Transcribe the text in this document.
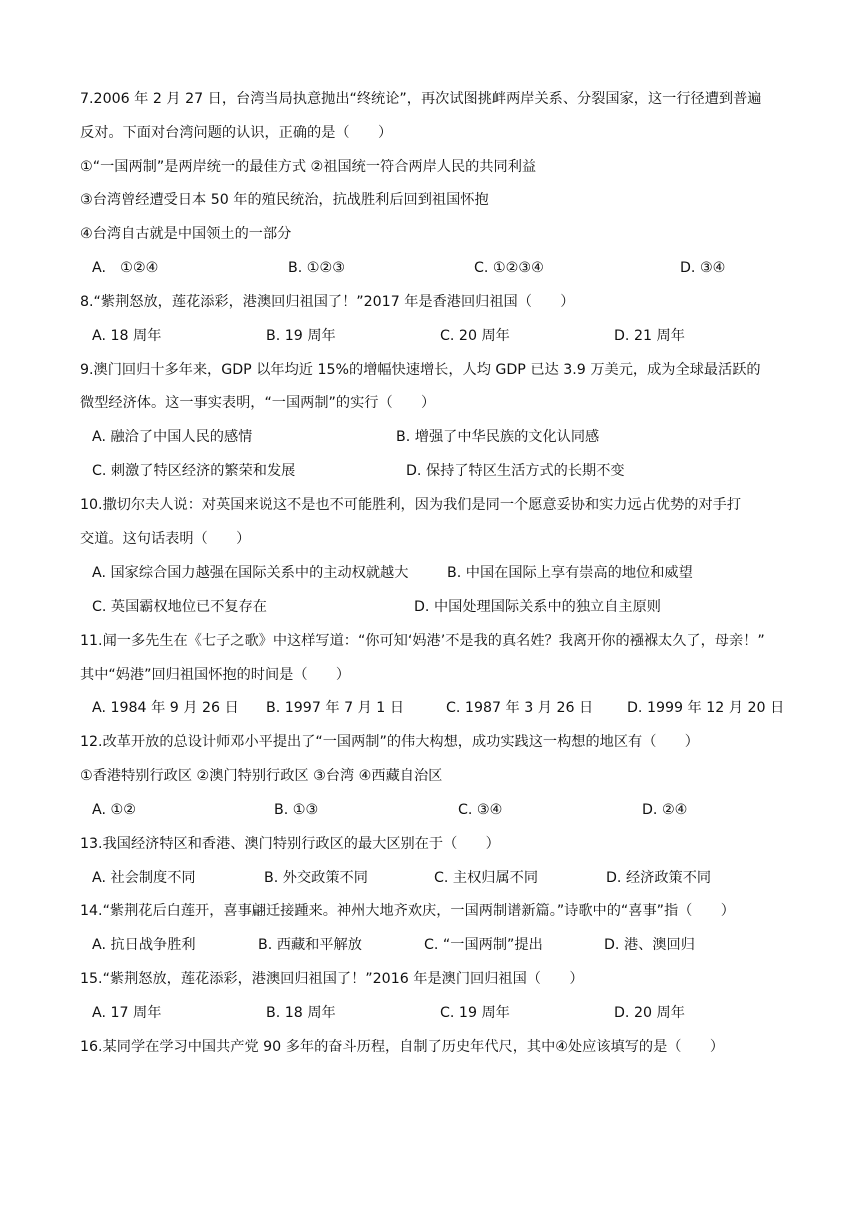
7.2006 年 2 月 27 日，台湾当局执意抛出“终统论”，再次试图挑衅两岸关系、分裂国家，这一行径遭到普遍
反对。下面对台湾问题的认识，正确的是（　　）
①“一国两制”是两岸统一的最佳方式 ②祖国统一符合两岸人民的共同利益
③台湾曾经遭受日本 50 年的殖民统治，抗战胜利后回到祖国怀抱
④台湾自古就是中国领土的一部分
A.　①②④	B. ①②③	C. ①②③④	D. ③④
8.“紫荆怒放，莲花添彩，港澳回归祖国了！”2017 年是香港回归祖国（　　）
A. 18 周年	B. 19 周年	C. 20 周年	D. 21 周年
9.澳门回归十多年来，GDP 以年均近 15%的增幅快速增长，人均 GDP 已达 3.9 万美元，成为全球最活跃的
微型经济体。这一事实表明，“一国两制”的实行（　　）
A. 融洽了中国人民的感情	B. 增强了中华民族的文化认同感
C. 刺激了特区经济的繁荣和发展	D. 保持了特区生活方式的长期不变
10.撒切尔夫人说：对英国来说这不是也不可能胜利，因为我们是同一个愿意妥协和实力远占优势的对手打
交道。这句话表明（　　）
A. 国家综合国力越强在国际关系中的主动权就越大	B. 中国在国际上享有崇高的地位和威望
C. 英国霸权地位已不复存在	D. 中国处理国际关系中的独立自主原则
11.闻一多先生在《七子之歌》中这样写道：“你可知‘妈港’不是我的真名姓？我离开你的襁褓太久了，母亲！”
其中“妈港”回归祖国怀抱的时间是（　　）
A. 1984 年 9 月 26 日 B. 1997 年 7 月 1 日	C. 1987 年 3 月 26 日 D. 1999 年 12 月 20 日
12.改革开放的总设计师邓小平提出了“一国两制”的伟大构想，成功实践这一构想的地区有（　　）
①香港特别行政区 ②澳门特别行政区 ③台湾 ④西藏自治区
A. ①②	B. ①③	C. ③④	D. ②④
13.我国经济特区和香港、澳门特别行政区的最大区别在于（　　）
A. 社会制度不同	B. 外交政策不同	C. 主权归属不同	D. 经济政策不同
14.“紫荆花后白莲开，喜事翩迁接踵来。神州大地齐欢庆，一国两制谱新篇。”诗歌中的“喜事”指（　　）
A. 抗日战争胜利	B. 西藏和平解放	C. “一国两制”提出	D. 港、澳回归
15.“紫荆怒放，莲花添彩，港澳回归祖国了！”2016 年是澳门回归祖国（　　）
A. 17 周年	B. 18 周年	C. 19 周年	D. 20 周年
16.某同学在学习中国共产党 90 多年的奋斗历程，自制了历史年代尺，其中④处应该填写的是（　　）
